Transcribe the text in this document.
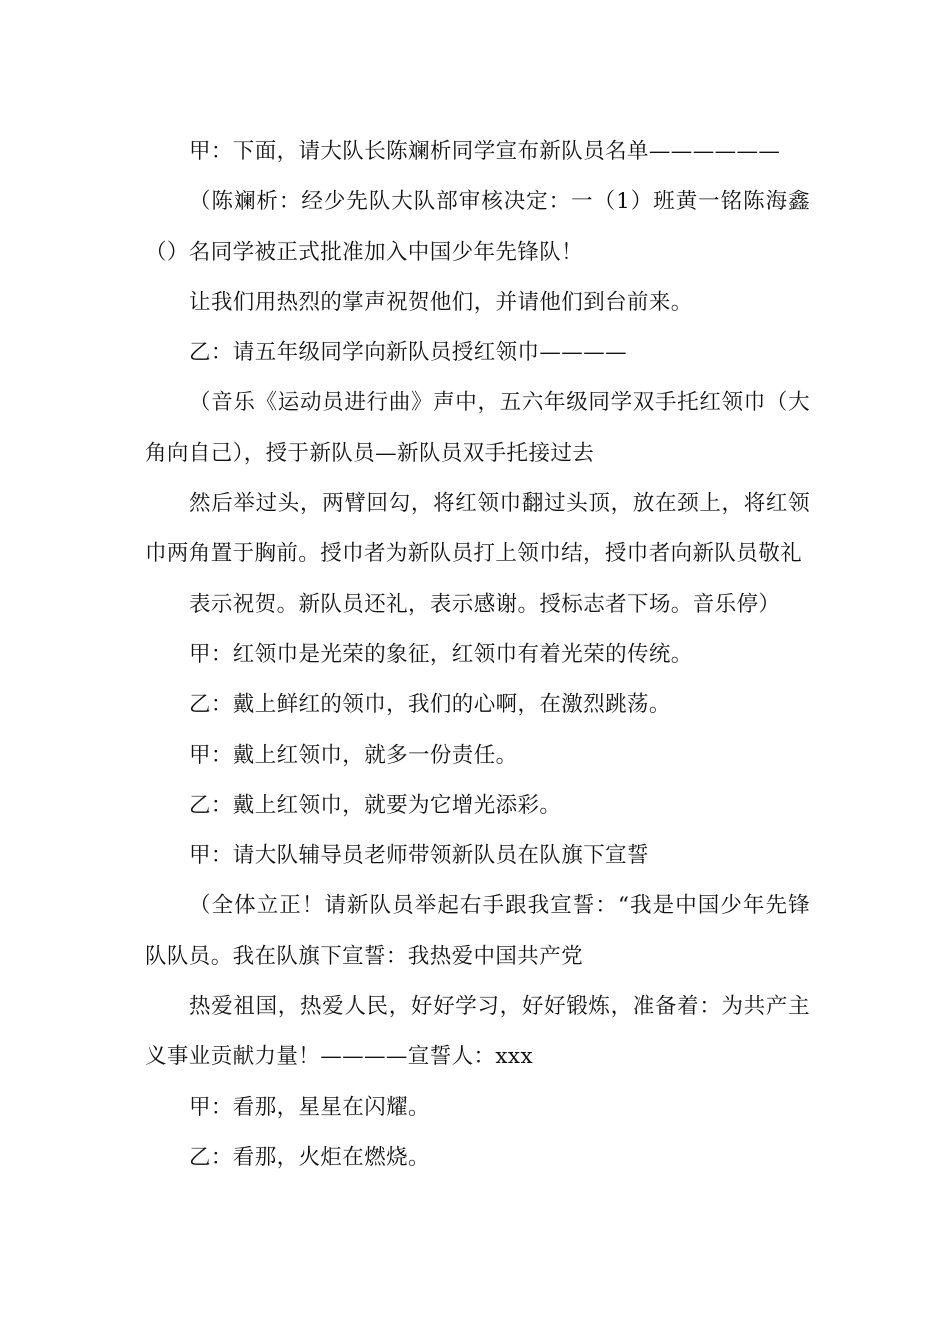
甲：下面，请大队长陈斓析同学宣布新队员名单——————

（陈斓析：经少先队大队部审核决定：一（1）班黄一铭陈海鑫（）名同学被正式批准加入中国少年先锋队！

让我们用热烈的掌声祝贺他们，并请他们到台前来。

乙：请五年级同学向新队员授红领巾————

（音乐《运动员进行曲》声中，五六年级同学双手托红领巾（大角向自己），授于新队员—新队员双手托接过去

然后举过头，两臂回勾，将红领巾翻过头顶，放在颈上，将红领巾两角置于胸前。授巾者为新队员打上领巾结，授巾者向新队员敬礼

表示祝贺。新队员还礼，表示感谢。授标志者下场。音乐停）

甲：红领巾是光荣的象征，红领巾有着光荣的传统。

乙：戴上鲜红的领巾，我们的心啊，在激烈跳荡。

甲：戴上红领巾，就多一份责任。

乙：戴上红领巾，就要为它增光添彩。

甲：请大队辅导员老师带领新队员在队旗下宣誓

（全体立正！请新队员举起右手跟我宣誓：“我是中国少年先锋队队员。我在队旗下宣誓：我热爱中国共产党

热爱祖国，热爱人民，好好学习，好好锻炼，准备着：为共产主义事业贡献力量！————宣誓人：xxx

甲：看那，星星在闪耀。

乙：看那，火炬在燃烧。
